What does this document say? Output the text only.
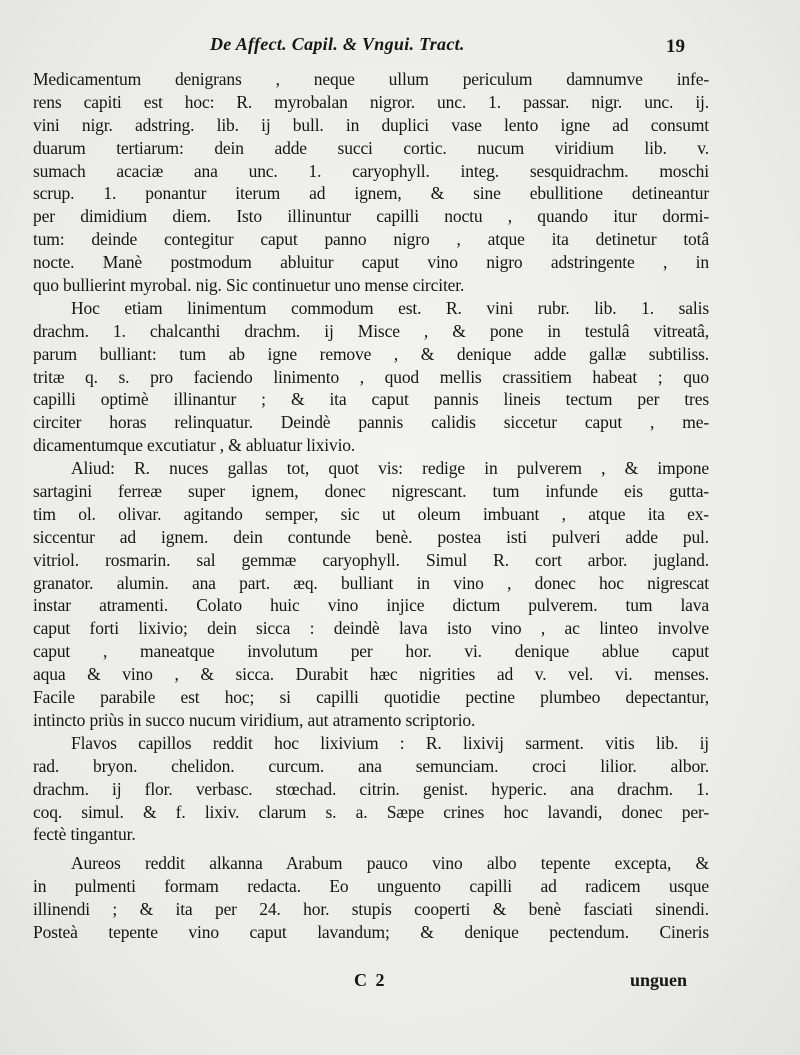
De Affect. Capil. & Vngui. Tract.	19
Medicamentum denigrans , neque ullum periculum damnumve infe-
rens capiti est hoc: R. myrobalan nigror. unc. 1. passar. nigr. unc. ij.
vini nigr. adstring. lib. ij bull. in duplici vase lento igne ad consumt
duarum tertiarum: dein adde succi cortic. nucum viridium lib. v.
sumach acaciæ ana unc. 1. caryophyll. integ. sesquidrachm. moschi
scrup. 1. ponantur iterum ad ignem, & sine ebullitione detineantur
per dimidium diem. Isto illinuntur capilli noctu , quando itur dormi-
tum: deinde contegitur caput panno nigro , atque ita detinetur totâ
nocte. Manè postmodum abluitur caput vino nigro adstringente , in
quo bullierint myrobal. nig. Sic continuetur uno mense circiter.
Hoc etiam linimentum commodum est. R. vini rubr. lib. 1. salis
drachm. 1. chalcanthi drachm. ij Misce , & pone in testulâ vitreatâ,
parum bulliant: tum ab igne remove , & denique adde gallæ subtiliss.
tritæ q. s. pro faciendo linimento , quod mellis crassitiem habeat ; quo
capilli optimè illinantur ; & ita caput pannis lineis tectum per tres
circiter horas relinquatur. Deindè pannis calidis siccetur caput , me-
dicamentumque excutiatur , & abluatur lixivio.
Aliud: R. nuces gallas tot, quot vis: redige in pulverem , & impone
sartagini ferreæ super ignem, donec nigrescant. tum infunde eis gutta-
tim ol. olivar. agitando semper, sic ut oleum imbuant , atque ita ex-
siccentur ad ignem. dein contunde benè. postea isti pulveri adde pul.
vitriol. rosmarin. sal gemmæ caryophyll. Simul R. cort arbor. jugland.
granator. alumin. ana part. æq. bulliant in vino , donec hoc nigrescat
instar atramenti. Colato huic vino injice dictum pulverem. tum lava
caput forti lixivio; dein sicca : deindè lava isto vino , ac linteo involve
caput , maneatque involutum per hor. vi. denique ablue caput
aqua & vino , & sicca. Durabit hæc nigrities ad v. vel. vi. menses.
Facile parabile est hoc; si capilli quotidie pectine plumbeo depectantur,
intincto priùs in succo nucum viridium, aut atramento scriptorio.
Flavos capillos reddit hoc lixivium : R. lixivij sarment. vitis lib. ij
rad. bryon. chelidon. curcum. ana semunciam. croci lilior. albor.
drachm. ij flor. verbasc. stœchad. citrin. genist. hyperic. ana drachm. 1.
coq. simul. & f. lixiv. clarum s. a. Sæpe crines hoc lavandi, donec per-
fectè tingantur.
Aureos reddit alkanna Arabum pauco vino albo tepente excepta, &
in pulmenti formam redacta. Eo unguento capilli ad radicem usque
illinendi ; & ita per 24. hor. stupis cooperti & benè fasciati sinendi.
Posteà tepente vino caput lavandum; & denique pectendum. Cineris
C 2	unguen
